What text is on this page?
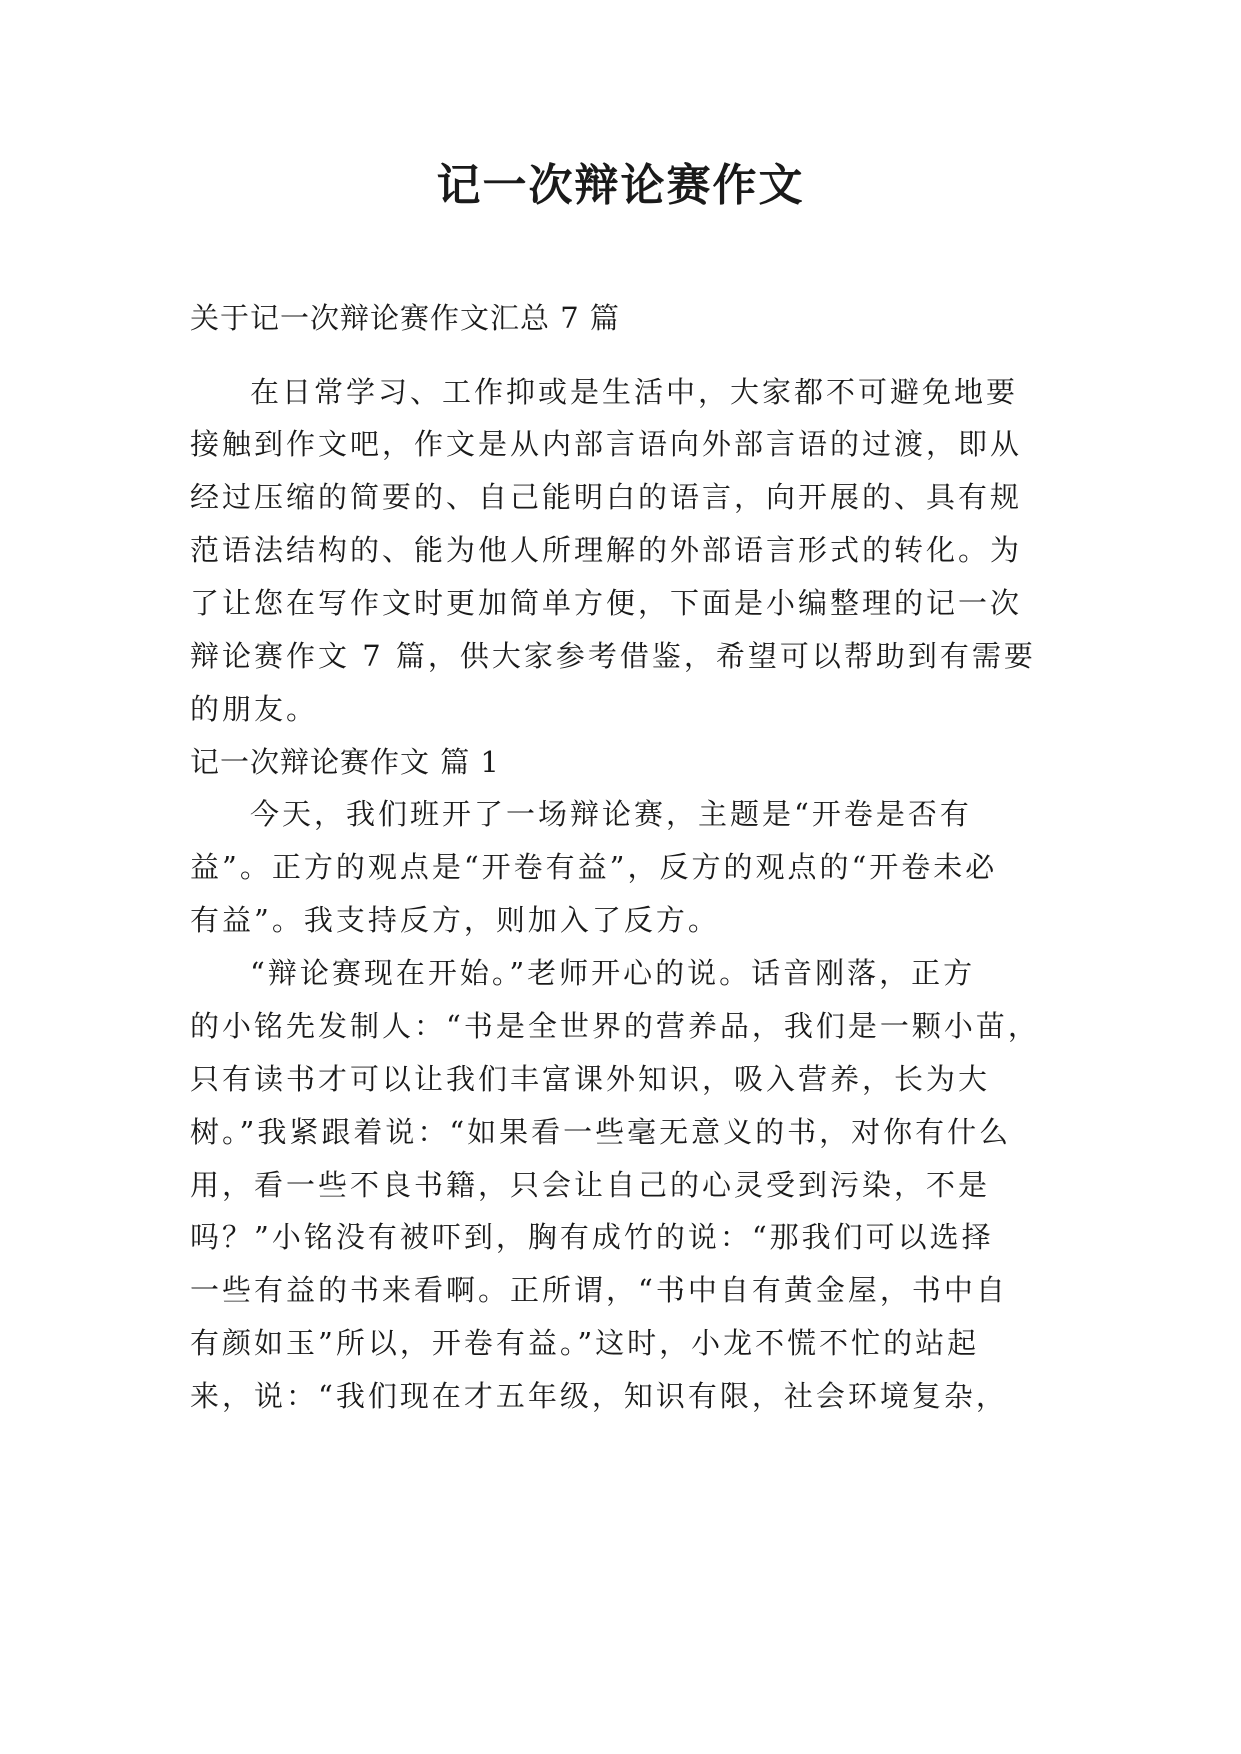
记一次辩论赛作文

关于记一次辩论赛作文汇总 7 篇

在日常学习、工作抑或是生活中，大家都不可避免地要

接触到作文吧，作文是从内部言语向外部言语的过渡，即从

经过压缩的简要的、自己能明白的语言，向开展的、具有规

范语法结构的、能为他人所理解的外部语言形式的转化。为

了让您在写作文时更加简单方便，下面是小编整理的记一次

辩论赛作文 7 篇，供大家参考借鉴，希望可以帮助到有需要

的朋友。

记一次辩论赛作文 篇 1

今天，我们班开了一场辩论赛，主题是“开卷是否有

益”。正方的观点是“开卷有益”，反方的观点的“开卷未必

有益”。我支持反方，则加入了反方。

“辩论赛现在开始。”老师开心的说。话音刚落，正方

的小铭先发制人：“书是全世界的营养品，我们是一颗小苗，

只有读书才可以让我们丰富课外知识，吸入营养，长为大

树。”我紧跟着说：“如果看一些毫无意义的书，对你有什么

用，看一些不良书籍，只会让自己的心灵受到污染，不是

吗？”小铭没有被吓到，胸有成竹的说：“那我们可以选择

一些有益的书来看啊。正所谓，“书中自有黄金屋，书中自

有颜如玉”所以，开卷有益。”这时，小龙不慌不忙的站起

来，说：“我们现在才五年级，知识有限，社会环境复杂，
